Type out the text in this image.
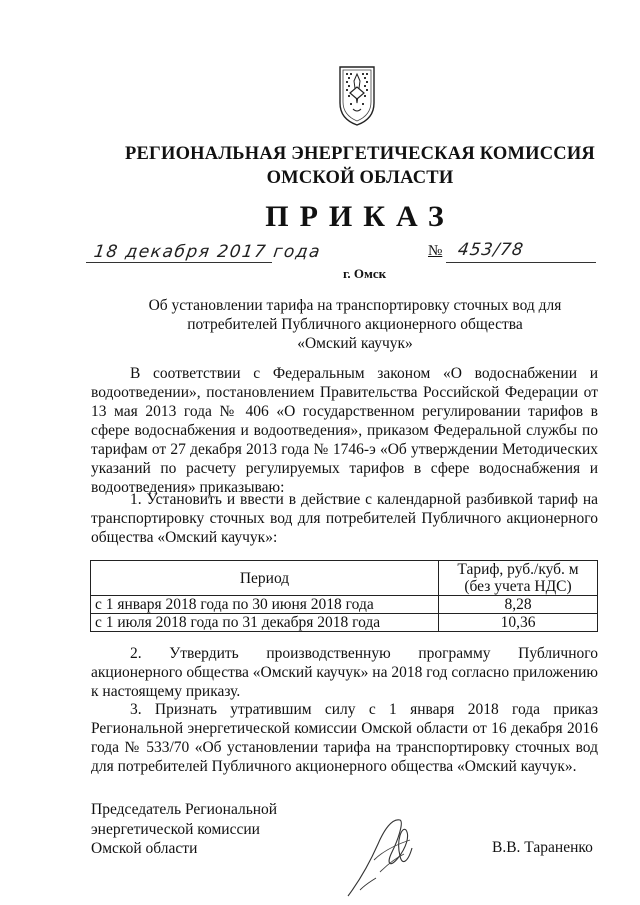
РЕГИОНАЛЬНАЯ ЭНЕРГЕТИЧЕСКАЯ КОМИССИЯ
ОМСКОЙ ОБЛАСТИ
ПРИКАЗ
18 декабря 2017 года	№ 453/78
г. Омск
Об установлении тарифа на транспортировку сточных вод для
потребителей Публичного акционерного общества
«Омский каучук»

В соответствии с Федеральным законом «О водоснабжении и водоотведении», постановлением Правительства Российской Федерации от 13 мая 2013 года № 406 «О государственном регулировании тарифов в сфере водоснабжения и водоотведения», приказом Федеральной службы по тарифам от 27 декабря 2013 года № 1746-э «Об утверждении Методических указаний по расчету регулируемых тарифов в сфере водоснабжения и водоотведения» приказываю:

1. Установить и ввести в действие с календарной разбивкой тариф на транспортировку сточных вод для потребителей Публичного акционерного общества «Омский каучук»:

Период	Тариф, руб./куб. м
(без учета НДС)

с 1 января 2018 года по 30 июня 2018 года	8,28
с 1 июля 2018 года по 31 декабря 2018 года	10,36

2. Утвердить производственную программу Публичного акционерного общества «Омский каучук» на 2018 год согласно приложению к настоящему приказу.

3. Признать утратившим силу с 1 января 2018 года приказ Региональной энергетической комиссии Омской области от 16 декабря 2016 года № 533/70 «Об установлении тарифа на транспортировку сточных вод для потребителей Публичного акционерного общества «Омский каучук».

Председатель Региональной
энергетической комиссии
Омской области	В.В. Тараненко
